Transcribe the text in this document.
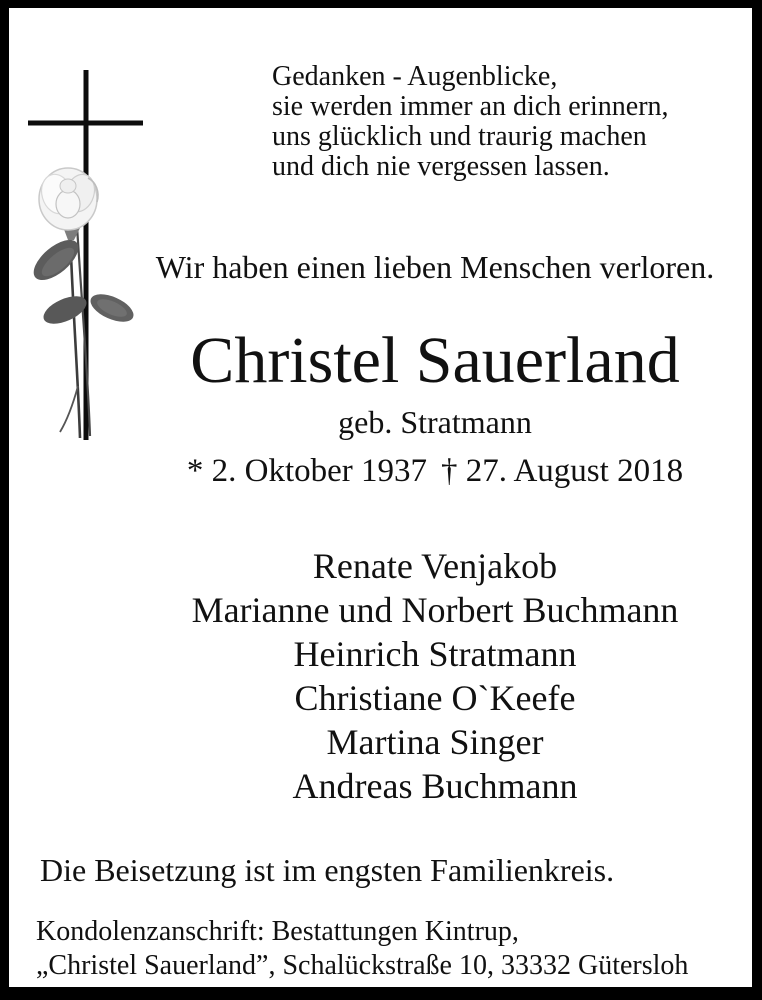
Gedanken - Augenblicke,
sie werden immer an dich erinnern,
uns glücklich und traurig machen
und dich nie vergessen lassen.
Wir haben einen lieben Menschen verloren.
Christel Sauerland
geb. Stratmann
* 2. Oktober 1937 † 27. August 2018
Renate Venjakob
Marianne und Norbert Buchmann
Heinrich Stratmann
Christiane O`Keefe
Martina Singer
Andreas Buchmann
Die Beisetzung ist im engsten Familienkreis.
Kondolenzanschrift: Bestattungen Kintrup,
„Christel Sauerland”, Schalückstraße 10, 33332 Gütersloh
